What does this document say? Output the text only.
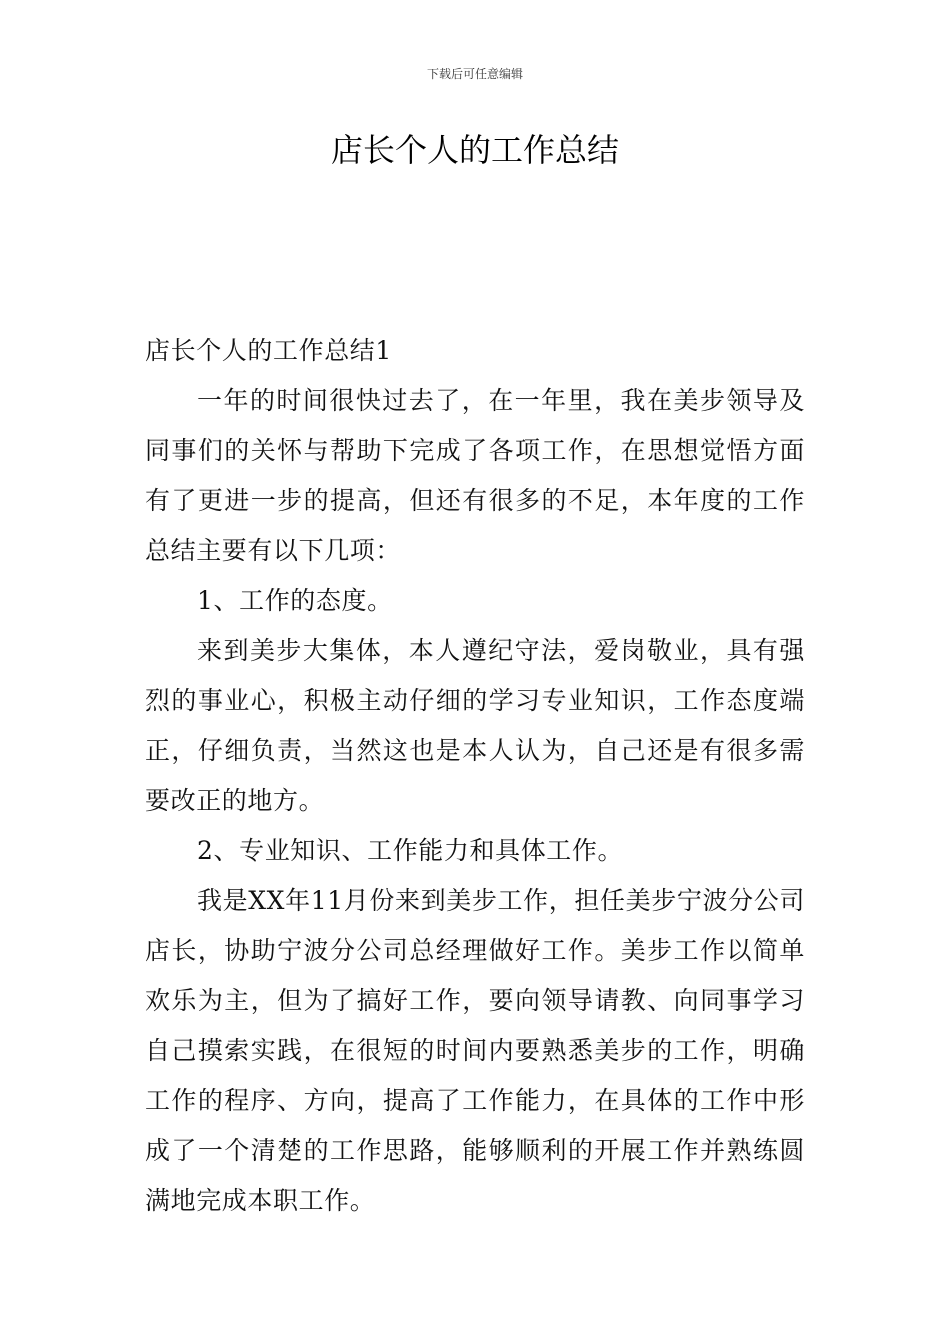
下载后可任意编辑
店长个人的工作总结

店长个人的工作总结1

一年的时间很快过去了，在一年里，我在美步领导及同事们的关怀与帮助下完成了各项工作，在思想觉悟方面有了更进一步的提高，但还有很多的不足，本年度的工作总结主要有以下几项：

1、工作的态度。

来到美步大集体，本人遵纪守法，爱岗敬业，具有强烈的事业心，积极主动仔细的学习专业知识，工作态度端正，仔细负责，当然这也是本人认为，自己还是有很多需要改正的地方。

2、专业知识、工作能力和具体工作。

我是XX年11月份来到美步工作，担任美步宁波分公司店长，协助宁波分公司总经理做好工作。美步工作以简单欢乐为主，但为了搞好工作，要向领导请教、向同事学习自己摸索实践，在很短的时间内要熟悉美步的工作，明确工作的程序、方向，提高了工作能力，在具体的工作中形成了一个清楚的工作思路，能够顺利的开展工作并熟练圆满地完成本职工作。
